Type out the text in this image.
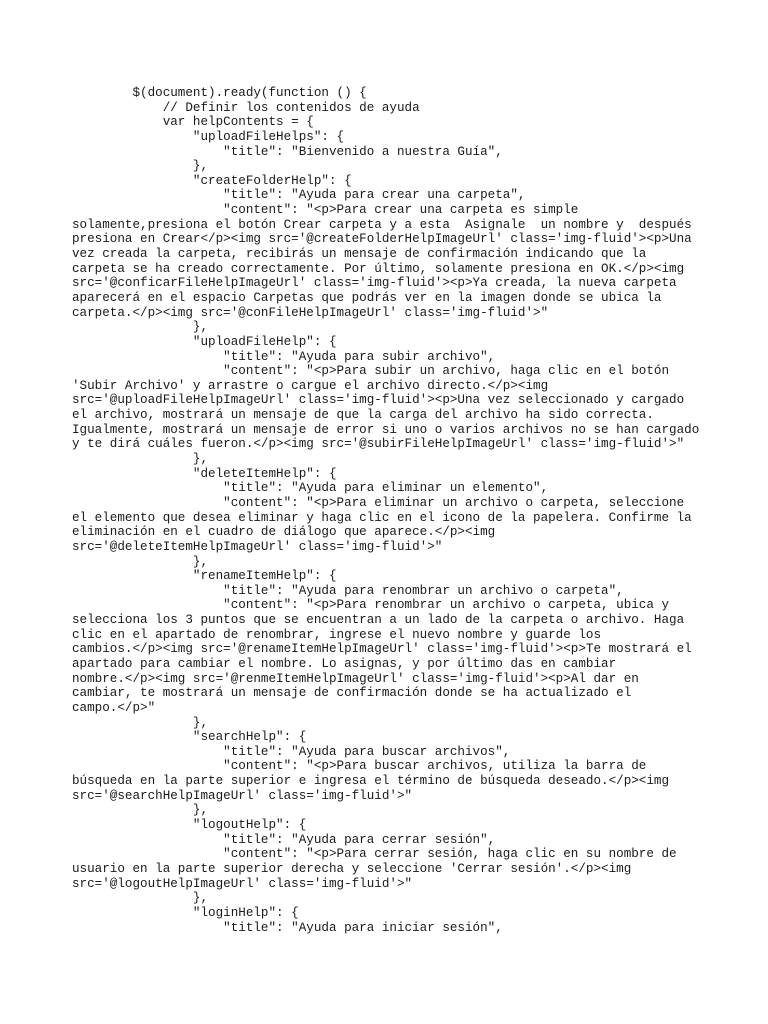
$(document).ready(function () {
// Definir los contenidos de ayuda
var helpContents = {
"uploadFileHelps": {
"title": "Bienvenido a nuestra Guía",
},
"createFolderHelp": {
"title": "Ayuda para crear una carpeta",
"content": "<p>Para crear una carpeta es simple
solamente,presiona el botón Crear carpeta y a esta  Asignale  un nombre y  después
presiona en Crear</p><img src='@createFolderHelpImageUrl' class='img-fluid'><p>Una
vez creada la carpeta, recibirás un mensaje de confirmación indicando que la
carpeta se ha creado correctamente. Por último, solamente presiona en OK.</p><img
src='@conficarFileHelpImageUrl' class='img-fluid'><p>Ya creada, la nueva carpeta
aparecerá en el espacio Carpetas que podrás ver en la imagen donde se ubica la
carpeta.</p><img src='@conFileHelpImageUrl' class='img-fluid'>"
},
"uploadFileHelp": {
"title": "Ayuda para subir archivo",
"content": "<p>Para subir un archivo, haga clic en el botón
'Subir Archivo' y arrastre o cargue el archivo directo.</p><img
src='@uploadFileHelpImageUrl' class='img-fluid'><p>Una vez seleccionado y cargado
el archivo, mostrará un mensaje de que la carga del archivo ha sido correcta.
Igualmente, mostrará un mensaje de error si uno o varios archivos no se han cargado
y te dirá cuáles fueron.</p><img src='@subirFileHelpImageUrl' class='img-fluid'>"
},
"deleteItemHelp": {
"title": "Ayuda para eliminar un elemento",
"content": "<p>Para eliminar un archivo o carpeta, seleccione
el elemento que desea eliminar y haga clic en el icono de la papelera. Confirme la
eliminación en el cuadro de diálogo que aparece.</p><img
src='@deleteItemHelpImageUrl' class='img-fluid'>"
},
"renameItemHelp": {
"title": "Ayuda para renombrar un archivo o carpeta",
"content": "<p>Para renombrar un archivo o carpeta, ubica y
selecciona los 3 puntos que se encuentran a un lado de la carpeta o archivo. Haga
clic en el apartado de renombrar, ingrese el nuevo nombre y guarde los
cambios.</p><img src='@renameItemHelpImageUrl' class='img-fluid'><p>Te mostrará el
apartado para cambiar el nombre. Lo asignas, y por último das en cambiar
nombre.</p><img src='@renmeItemHelpImageUrl' class='img-fluid'><p>Al dar en
cambiar, te mostrará un mensaje de confirmación donde se ha actualizado el
campo.</p>"
},
"searchHelp": {
"title": "Ayuda para buscar archivos",
"content": "<p>Para buscar archivos, utiliza la barra de
búsqueda en la parte superior e ingresa el término de búsqueda deseado.</p><img
src='@searchHelpImageUrl' class='img-fluid'>"
},
"logoutHelp": {
"title": "Ayuda para cerrar sesión",
"content": "<p>Para cerrar sesión, haga clic en su nombre de
usuario en la parte superior derecha y seleccione 'Cerrar sesión'.</p><img
src='@logoutHelpImageUrl' class='img-fluid'>"
},
"loginHelp": {
"title": "Ayuda para iniciar sesión",
